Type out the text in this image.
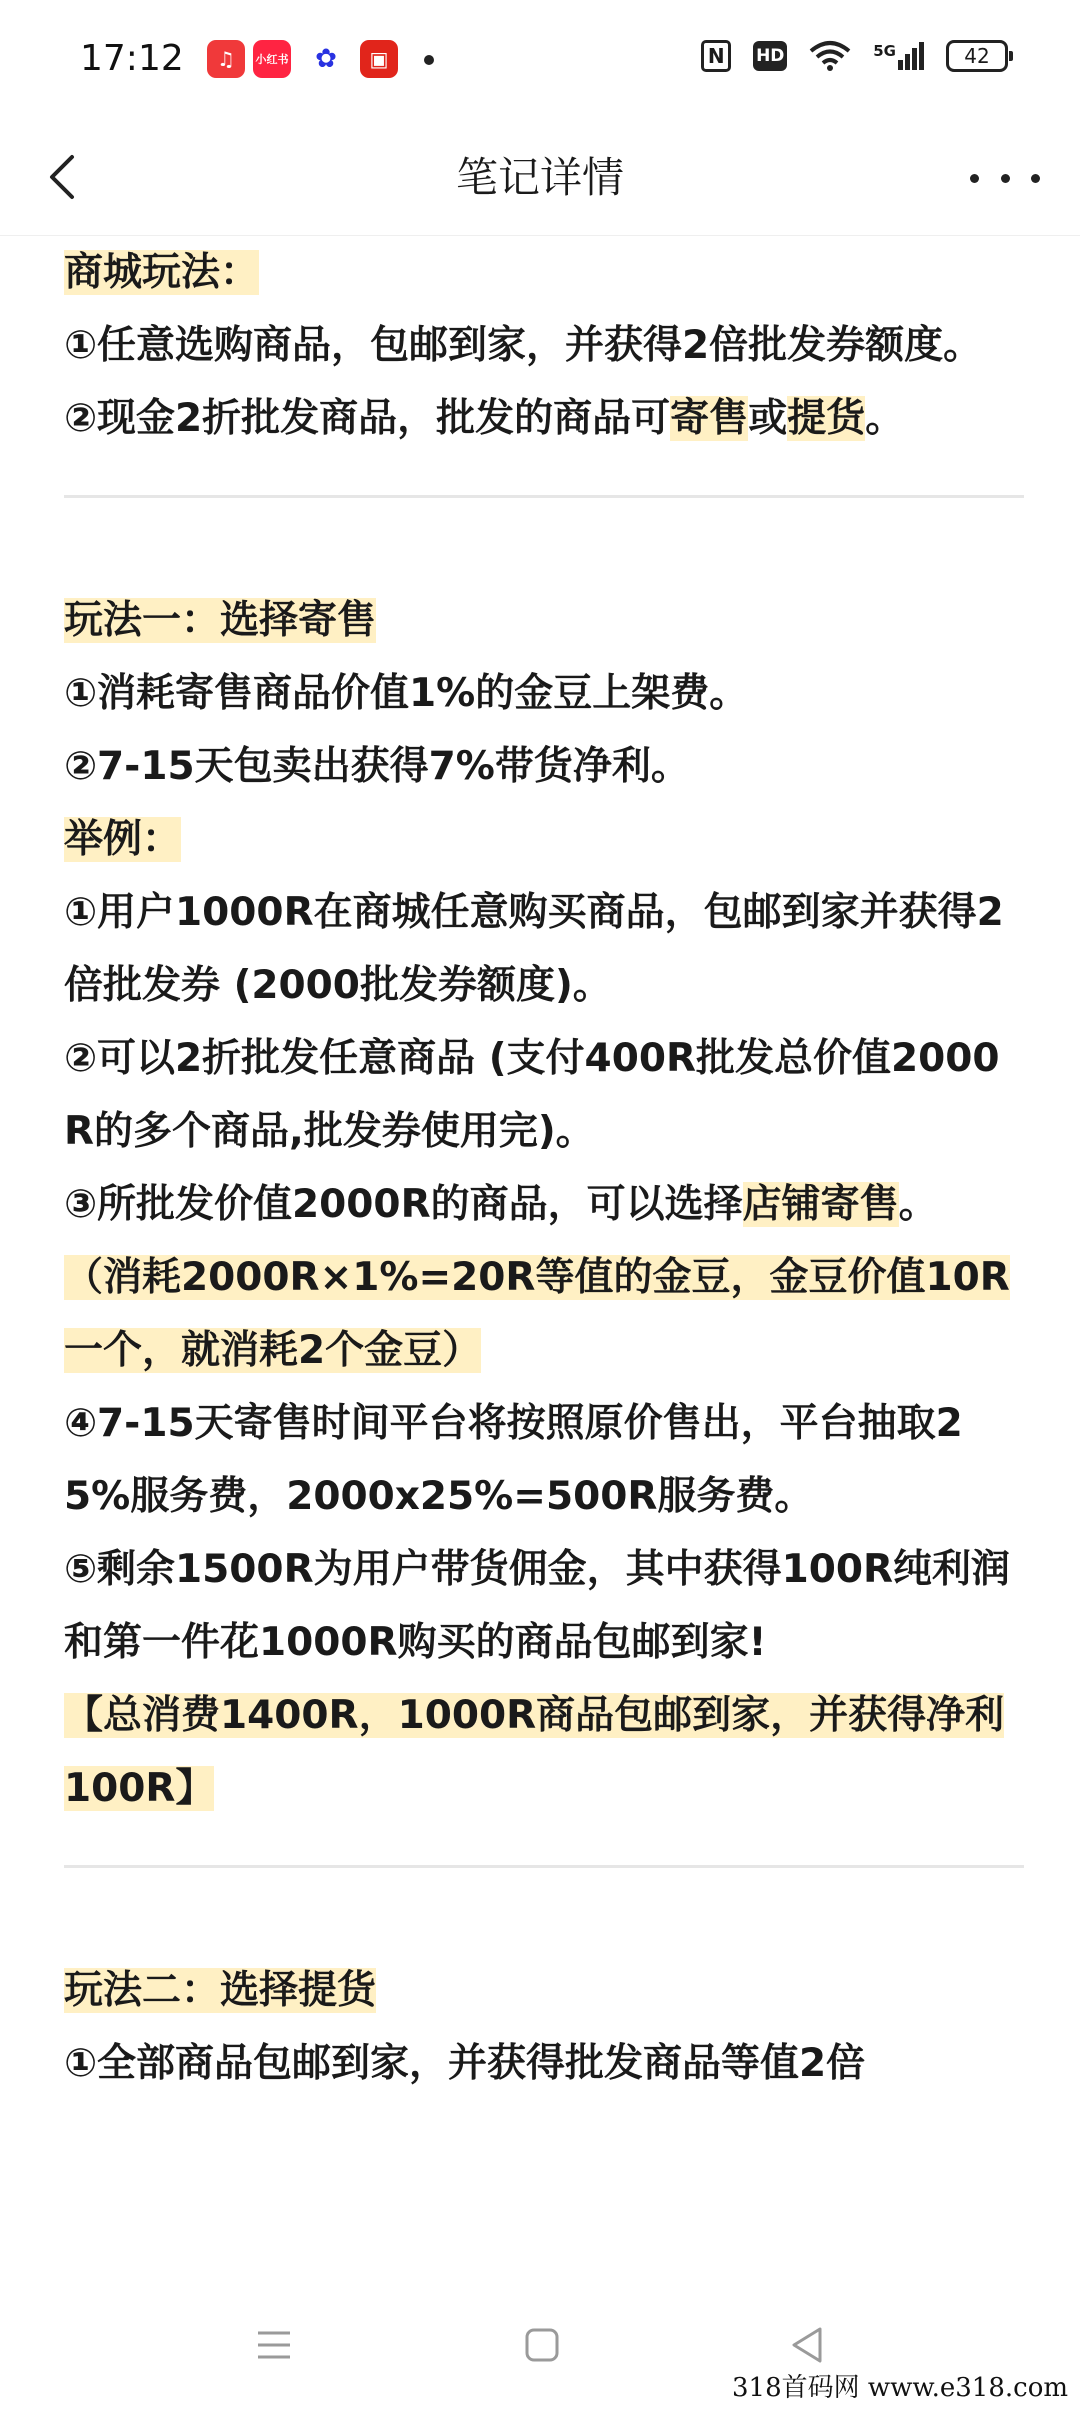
17:12	♫	小红书	✿	▣	N	HD	5G	42
笔记详情

商城玩法：

①任意选购商品，包邮到家，并获得2倍批发券额度。

②现金2折批发商品，批发的商品可寄售或提货。

玩法一：选择寄售

①消耗寄售商品价值1%的金豆上架费。

②7-15天包卖出获得7%带货净利。

举例：

①用户1000R在商城任意购买商品，包邮到家并获得2倍批发券 (2000批发券额度)。

②可以2折批发任意商品 (支付400R批发总价值2000R的多个商品,批发券使用完)。

③所批发价值2000R的商品，可以选择店铺寄售。

（消耗2000R×1%=20R等值的金豆，金豆价值10R一个，就消耗2个金豆）

④7-15天寄售时间平台将按照原价售出，平台抽取25%服务费，2000x25%=500R服务费。

⑤剩余1500R为用户带货佣金，其中获得100R纯利润和第一件花1000R购买的商品包邮到家!

【总消费1400R，1000R商品包邮到家，并获得净利100R】

玩法二：选择提货

①全部商品包邮到家，并获得批发商品等值2倍

318首码网 www.e318.com
